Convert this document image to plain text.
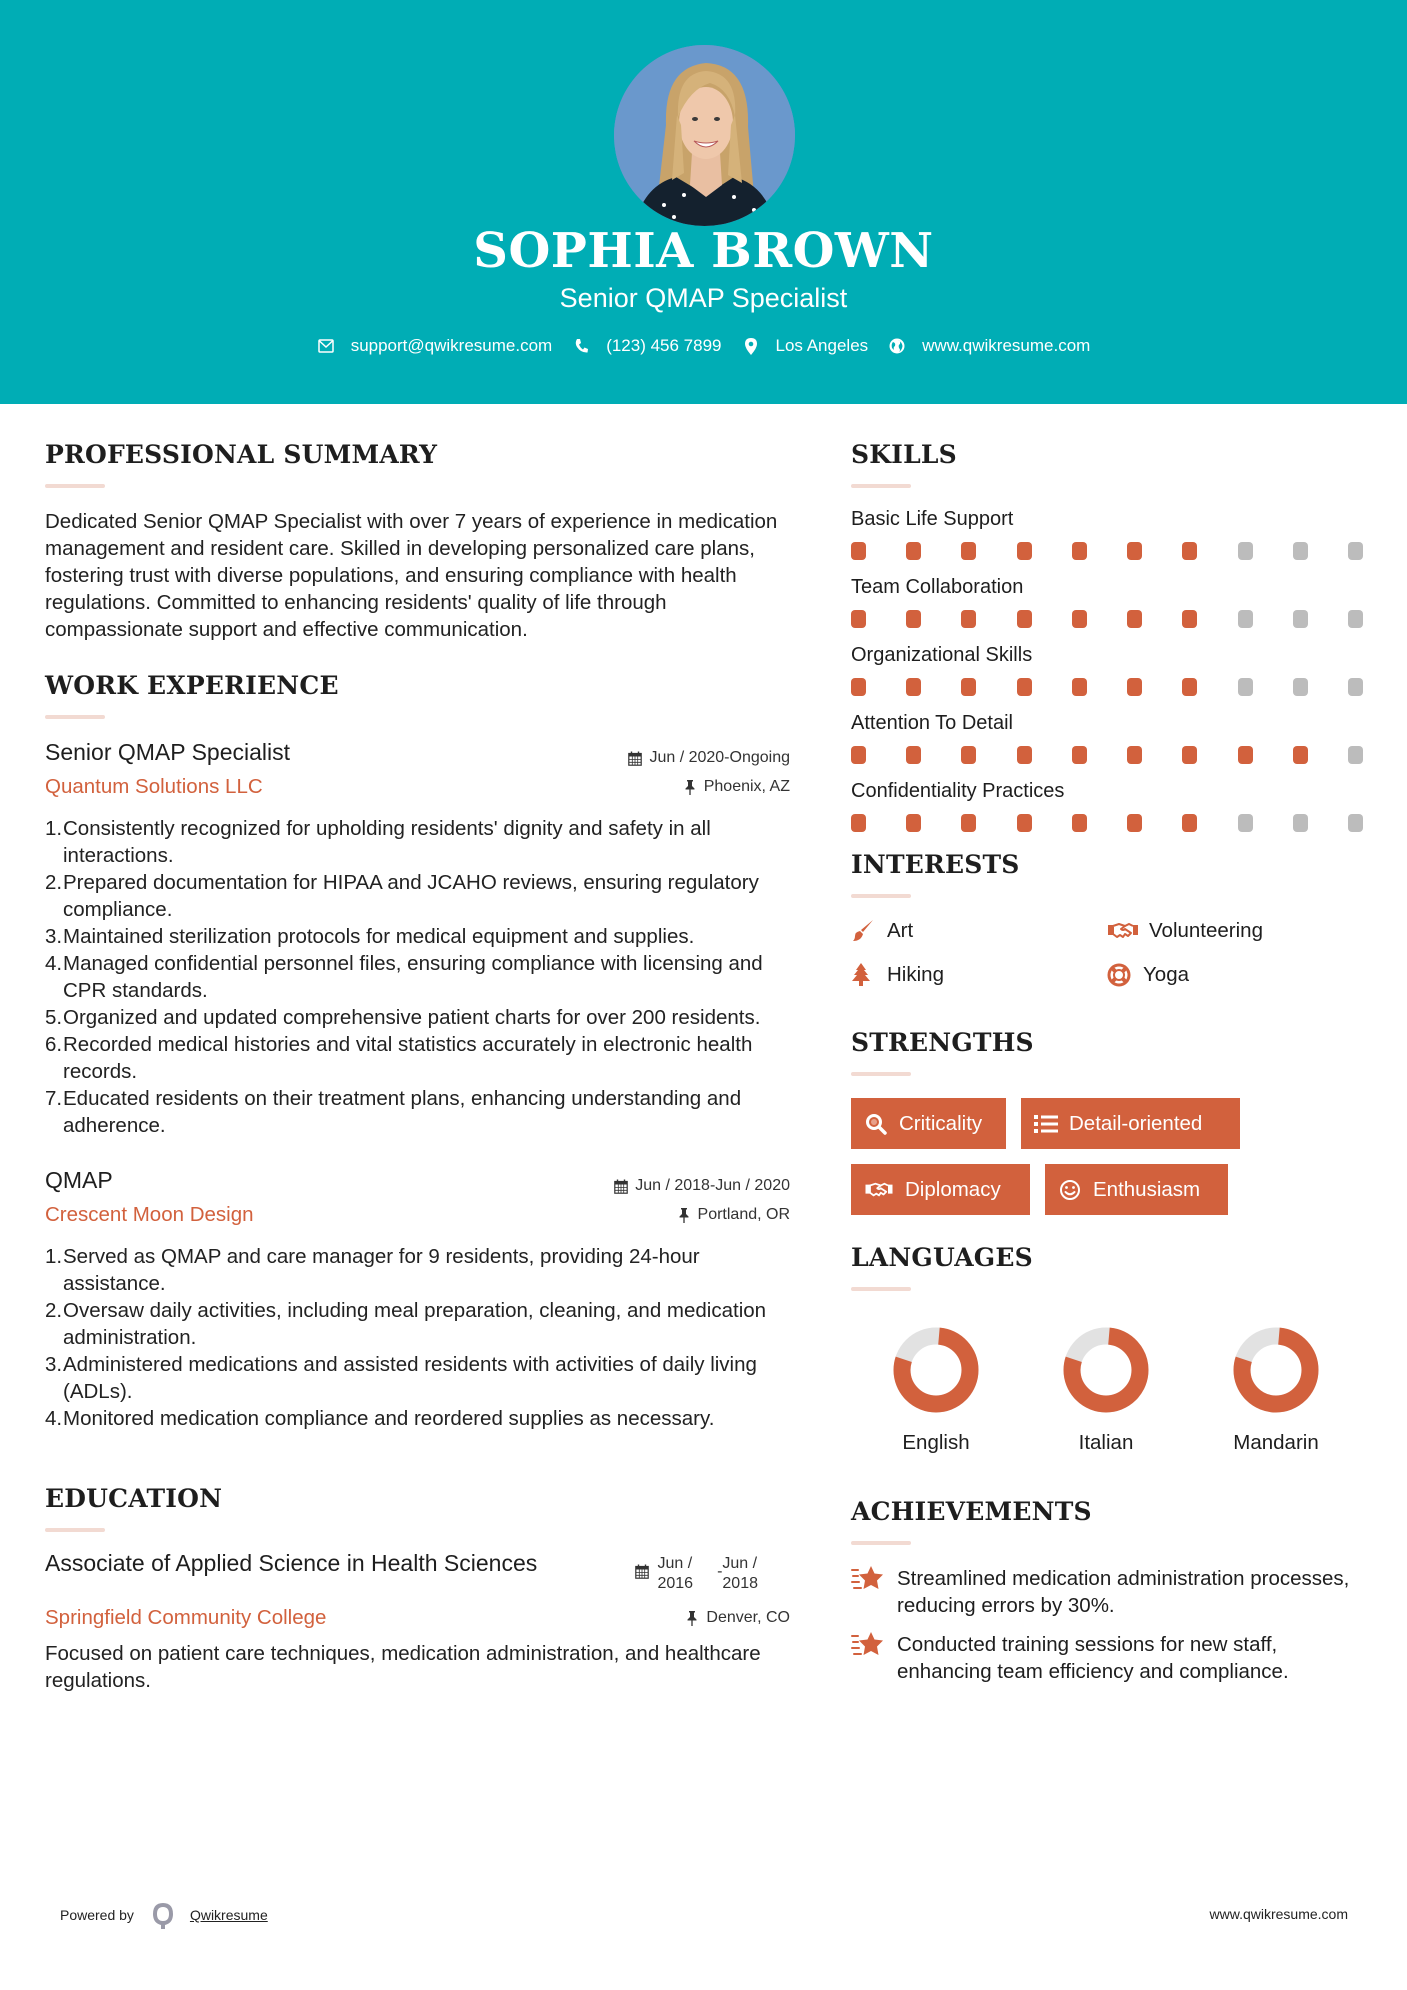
SOPHIA BROWN
Senior QMAP Specialist
support@qwikresume.com	(123) 456 7899	Los Angeles	www.qwikresume.com
PROFESSIONAL SUMMARY

Dedicated Senior QMAP Specialist with over 7 years of experience in medication management and resident care. Skilled in developing personalized care plans, fostering trust with diverse populations, and ensuring compliance with health regulations. Committed to enhancing residents' quality of life through compassionate support and effective communication.

WORK EXPERIENCE
Senior QMAP Specialist	Jun / 2020-Ongoing
Quantum Solutions LLC	Phoenix, AZ
1. Consistently recognized for upholding residents' dignity and safety in all interactions.
2. Prepared documentation for HIPAA and JCAHO reviews, ensuring regulatory compliance.
3. Maintained sterilization protocols for medical equipment and supplies.
4. Managed confidential personnel files, ensuring compliance with licensing and CPR standards.
5. Organized and updated comprehensive patient charts for over 200 residents.
6. Recorded medical histories and vital statistics accurately in electronic health records.
7. Educated residents on their treatment plans, enhancing understanding and adherence.
QMAP	Jun / 2018-Jun / 2020
Crescent Moon Design	Portland, OR
1. Served as QMAP and care manager for 9 residents, providing 24-hour assistance.
2. Oversaw daily activities, including meal preparation, cleaning, and medication administration.
3. Administered medications and assisted residents with activities of daily living (ADLs).
4. Monitored medication compliance and reordered supplies as necessary.
EDUCATION
Associate of Applied Science in Health Sciences	Jun /
2016
- Jun /
2018
Springfield Community College	Denver, CO

Focused on patient care techniques, medication administration, and healthcare regulations.

SKILLS
Basic Life Support
Team Collaboration
Organizational Skills
Attention To Detail
Confidentiality Practices
INTERESTS
Art	Volunteering
Hiking	Yoga
STRENGTHS
Criticality	Detail-oriented
Diplomacy	Enthusiasm
LANGUAGES
English	Italian	Mandarin
ACHIEVEMENTS
Streamlined medication administration processes, reducing errors by 30%.
Conducted training sessions for new staff, enhancing team efficiency and compliance.
Powered by	Qwikresume	www.qwikresume.com
